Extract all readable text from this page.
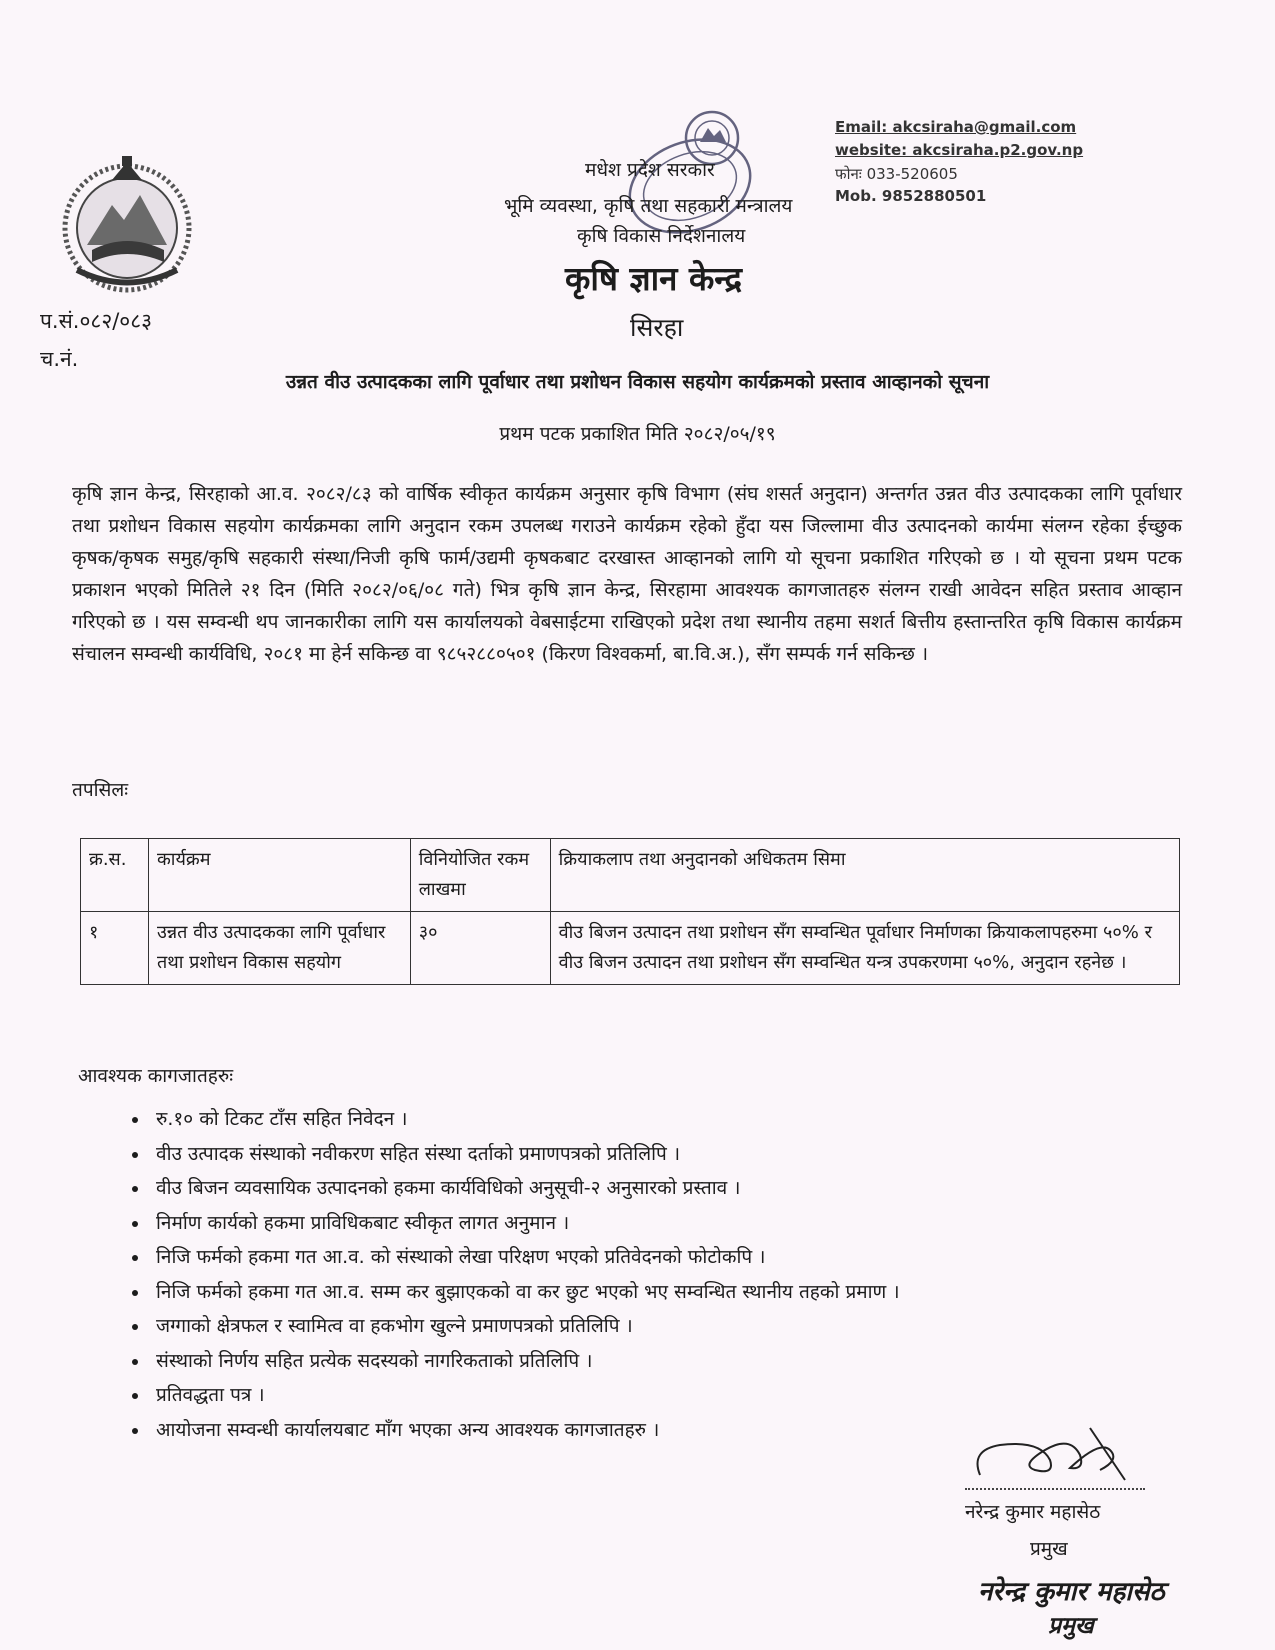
मधेश प्रदेश सरकार
भूमि व्यवस्था, कृषि तथा सहकारी मन्त्रालय
कृषि विकास निर्देशनालय
कृषि ज्ञान केन्द्र
सिरहा
Email: akcsiraha@gmail.com
website: akcsiraha.p2.gov.np
फोनः 033-520605
Mob. 9852880501
प.सं.०८२/०८३
च.नं.
उन्नत वीउ उत्पादकका लागि पूर्वाधार तथा प्रशोधन विकास सहयोग कार्यक्रमको प्रस्ताव आव्हानको सूचना
प्रथम पटक प्रकाशित मिति २०८२/०५/१९
कृषि ज्ञान केन्द्र, सिरहाको आ.व. २०८२/८३ को वार्षिक स्वीकृत कार्यक्रम अनुसार कृषि विभाग (संघ शसर्त अनुदान) अन्तर्गत उन्नत वीउ उत्पादकका लागि पूर्वाधार तथा प्रशोधन विकास सहयोग कार्यक्रमका लागि अनुदान रकम उपलब्ध गराउने कार्यक्रम रहेको हुँदा यस जिल्लामा वीउ उत्पादनको कार्यमा संलग्न रहेका ईच्छुक कृषक/कृषक समुह/कृषि सहकारी संस्था/निजी कृषि फार्म/उद्यमी कृषकबाट दरखास्त आव्हानको लागि यो सूचना प्रकाशित गरिएको छ । यो सूचना प्रथम पटक प्रकाशन भएको मितिले २१ दिन (मिति २०८२/०६/०८ गते) भित्र कृषि ज्ञान केन्द्र, सिरहामा आवश्यक कागजातहरु संलग्न राखी आवेदन सहित प्रस्ताव आव्हान गरिएको छ । यस सम्वन्धी थप जानकारीका लागि यस कार्यालयको वेबसाईटमा राखिएको प्रदेश तथा स्थानीय तहमा सशर्त बित्तीय हस्तान्तरित कृषि विकास कार्यक्रम संचालन सम्वन्धी कार्यविधि, २०८१ मा हेर्न सकिन्छ वा ९८५२८८०५०१ (किरण विश्वकर्मा, बा.वि.अ.), सँग सम्पर्क गर्न सकिन्छ ।
तपसिलः
क्र.स.	कार्यक्रम	विनियोजित रकम लाखमा	क्रियाकलाप तथा अनुदानको अधिकतम सिमा
१	उन्नत वीउ उत्पादकका लागि पूर्वाधार तथा प्रशोधन विकास सहयोग	३०	वीउ बिजन उत्पादन तथा प्रशोधन सँग सम्वन्धित पूर्वाधार निर्माणका क्रियाकलापहरुमा ५०% र वीउ बिजन उत्पादन तथा प्रशोधन सँग सम्वन्धित यन्त्र उपकरणमा ५०%, अनुदान रहनेछ ।
आवश्यक कागजातहरुः
• रु.१० को टिकट टाँस सहित निवेदन ।
• वीउ उत्पादक संस्थाको नवीकरण सहित संस्था दर्ताको प्रमाणपत्रको प्रतिलिपि ।
• वीउ बिजन व्यवसायिक उत्पादनको हकमा कार्यविधिको अनुसूची-२ अनुसारको प्रस्ताव ।
• निर्माण कार्यको हकमा प्राविधिकबाट स्वीकृत लागत अनुमान ।
• निजि फर्मको हकमा गत आ.व. को संस्थाको लेखा परिक्षण भएको प्रतिवेदनको फोटोकपि ।
• निजि फर्मको हकमा गत आ.व. सम्म कर बुझाएकको वा कर छुट भएको भए सम्वन्धित स्थानीय तहको प्रमाण ।
• जग्गाको क्षेत्रफल र स्वामित्व वा हकभोग खुल्ने प्रमाणपत्रको प्रतिलिपि ।
• संस्थाको निर्णय सहित प्रत्येक सदस्यको नागरिकताको प्रतिलिपि ।
• प्रतिवद्धता पत्र ।
• आयोजना सम्वन्धी कार्यालयबाट माँग भएका अन्य आवश्यक कागजातहरु ।
नरेन्द्र कुमार महासेठ
प्रमुख
नरेन्द्र कुमार महासेठ
प्रमुख
